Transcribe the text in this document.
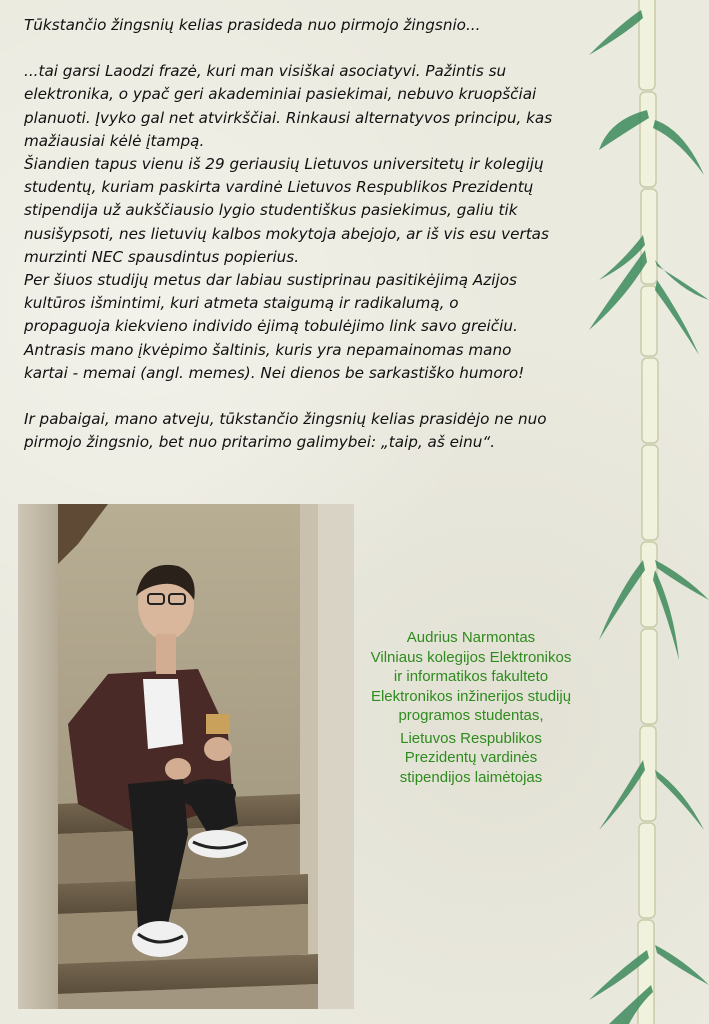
Tūkstančio žingsnių kelias prasideda nuo pirmojo žingsnio...

...tai garsi Laodzi frazė, kuri man visiškai asociatyvi. Pažintis su
elektronika, o ypač geri akademiniai pasiekimai, nebuvo kruopščiai
planuoti. Įvyko gal net atvirkščiai. Rinkausi alternatyvos principu, kas
mažiausiai kėlė įtampą.

Šiandien tapus vienu iš 29 geriausių Lietuvos universitetų ir kolegijų
studentų, kuriam paskirta vardinė Lietuvos Respublikos Prezidentų
stipendija už aukščiausio lygio studentiškus pasiekimus, galiu tik
nusišypsoti, nes lietuvių kalbos mokytoja abejojo, ar iš vis esu vertas
murzinti NEC spausdintus popierius.

Per šiuos studijų metus dar labiau sustiprinau pasitikėjimą Azijos
kultūros išmintimi, kuri atmeta staigumą ir radikalumą, o
propaguoja kiekvieno individo ėjimą tobulėjimo link savo greičiu.
Antrasis mano įkvėpimo šaltinis, kuris yra nepamainomas mano
kartai - memai (angl. memes). Nei dienos be sarkastiško humoro!

Ir pabaigai, mano atveju, tūkstančio žingsnių kelias prasidėjo ne nuo
pirmojo žingsnio, bet nuo pritarimo galimybei: „taip, aš einu“.

Audrius Narmontas
Vilniaus kolegijos Elektronikos
ir informatikos fakulteto
Elektronikos inžinerijos studijų
programos studentas,
Lietuvos Respublikos
Prezidentų vardinės
stipendijos laimėtojas
